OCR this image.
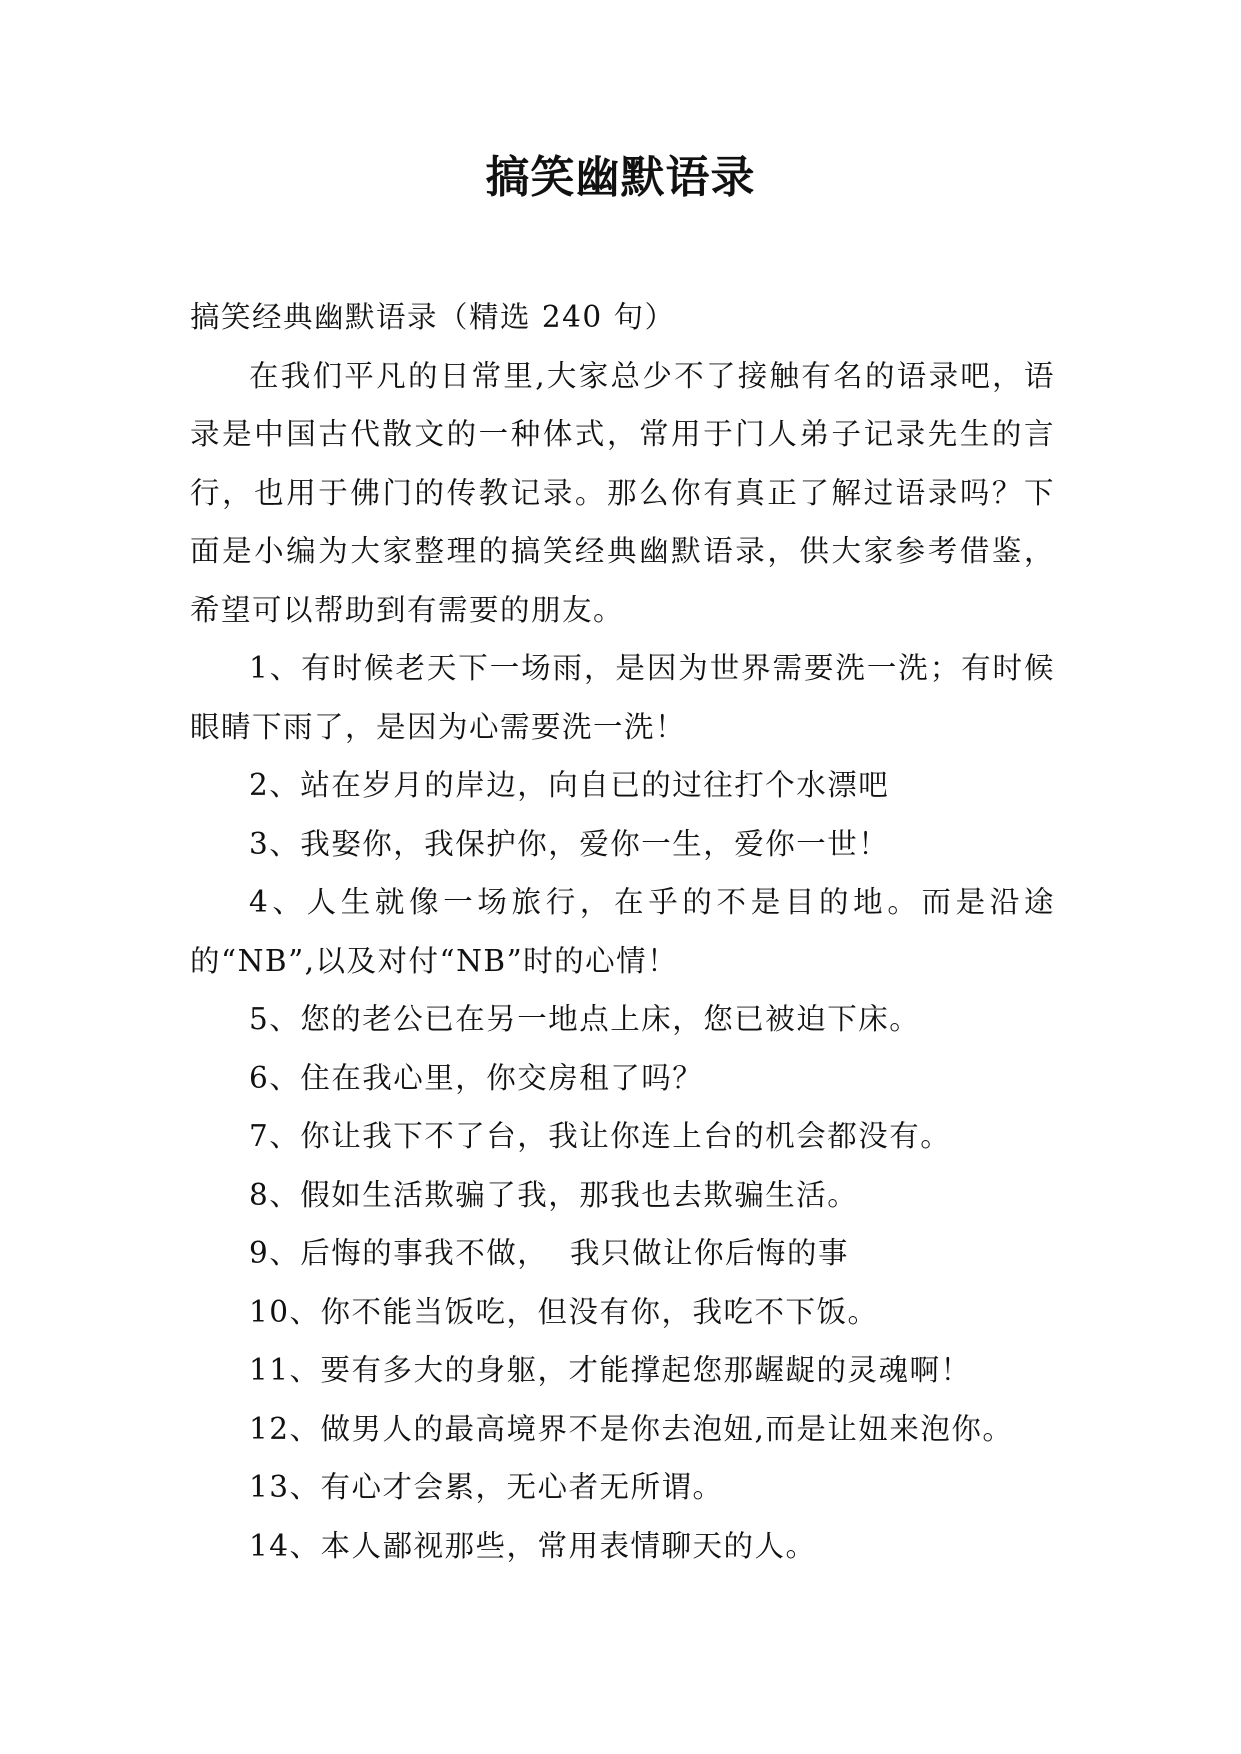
搞笑幽默语录

搞笑经典幽默语录（精选 240 句）

在我们平凡的日常里,大家总少不了接触有名的语录吧，语录是中国古代散文的一种体式，常用于门人弟子记录先生的言行，也用于佛门的传教记录。那么你有真正了解过语录吗？下面是小编为大家整理的搞笑经典幽默语录，供大家参考借鉴，希望可以帮助到有需要的朋友。

1、有时候老天下一场雨，是因为世界需要洗一洗；有时候眼睛下雨了，是因为心需要洗一洗！

2、站在岁月的岸边，向自已的过往打个水漂吧

3、我娶你，我保护你，爱你一生，爱你一世！

4、人生就像一场旅行，在乎的不是目的地。而是沿途的“NB”,以及对付“NB”时的心情！

5、您的老公已在另一地点上床，您已被迫下床。

6、住在我心里，你交房租了吗？

7、你让我下不了台，我让你连上台的机会都没有。

8、假如生活欺骗了我，那我也去欺骗生活。

9、后悔的事我不做，  我只做让你后悔的事

10、你不能当饭吃，但没有你，我吃不下饭。

11、要有多大的身躯，才能撑起您那龌龊的灵魂啊！

12、做男人的最高境界不是你去泡妞,而是让妞来泡你。

13、有心才会累，无心者无所谓。

14、本人鄙视那些，常用表情聊天的人。
